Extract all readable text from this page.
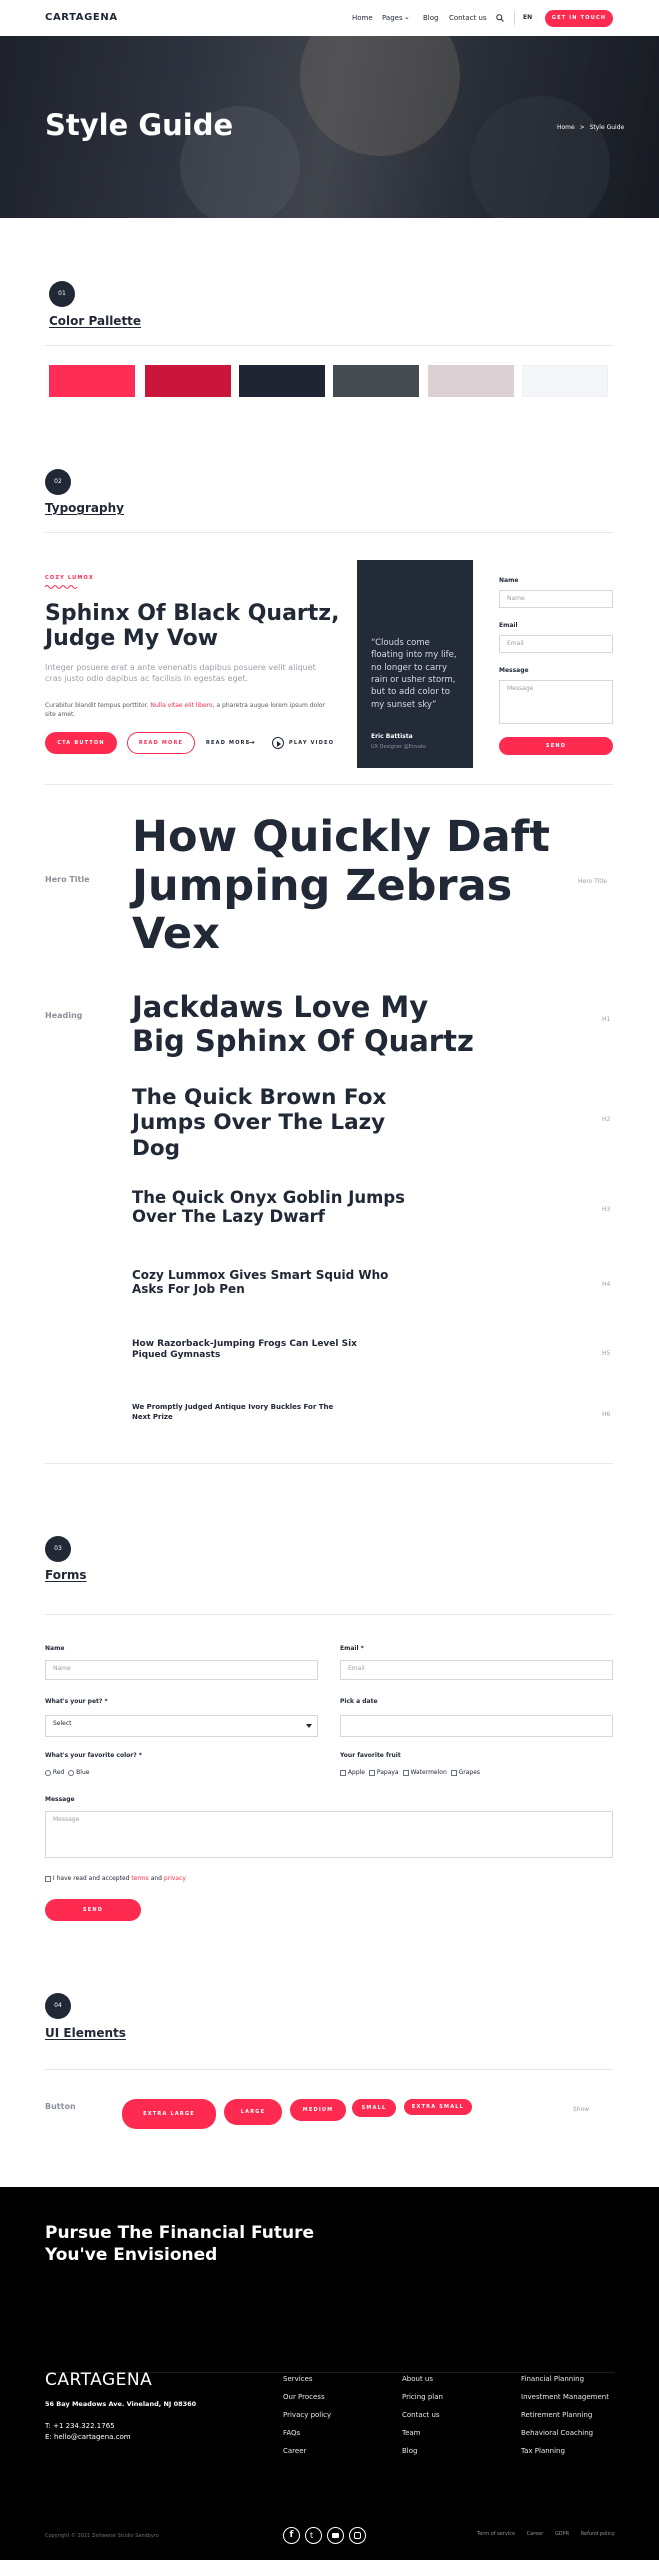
CARTAGENA	Home Pages ⌄ Blog Contact us	EN	GET IN TOUCH
Style Guide	Home > Style Guide
01
Color Pallette
02
Typography
COZY LUMOX
Sphinx Of Black Quartz, Judge My Vow
Integer posuere erat a ante venenatis dapibus posuere velit aliquet cras justo odio dapibus ac facilisis in egestas eget.
Curabitur blandit tempus porttitor. Nulla vitae elit libero, a pharetra augue lorem ipsum dolor site amet.
CTA BUTTON	READ MORE	READ MORE
→	PLAY VIDEO
“Clouds come floating into my life, no longer to carry rain or usher storm, but to add color to my sunset sky”
Eric Battista
UX Designer @Envato
Name
Name
Email
Email
Message
Message
SEND
Hero Title	Hero Title
How Quickly Daft Jumping Zebras Vex
Heading Jackdaws Love My Big Sphinx Of Quartz
H1
The Quick Brown Fox Jumps Over The Lazy Dog
H2
The Quick Onyx Goblin Jumps Over The Lazy Dwarf	H3
Cozy Lummox Gives Smart Squid Who Asks For Job Pen	H4
How Razorback-Jumping Frogs Can Level Six Piqued Gymnasts	H5
We Promptly Judged Antique Ivory Buckles For The Next Prize	H6
03
Forms
Name
Name
Email *
Email
What's your pet? *
Select
Pick a date
What's your favorite color? *
Red Blue
Your favorite fruit
Apple Papaya Watermelon Grapes
Message
Message
I have read and accepted terms and privacy
SEND
04
UI Elements
Button
EXTRA LARGE	LARGE	MEDIUM	SMALL	EXTRA SMALL	Show
Pursue The Financial Future You've Envisioned
CARTAGENA
56 Bay Meadows Ave. Vineland, NJ 08360
T: +1 234.322.1765
E: hello@cartagena.com
Services
Our Process
Privacy policy
FAQs
Career
About us
Pricing plan
Contact us
Team
Blog
Financial Planning
Investment Management
Retirement Planning
Behavioral Coaching
Tax Planning
Copyright © 2021 Zeitweise Studio Sandbyro	Term of service Career GDPR Refund policy
f t
